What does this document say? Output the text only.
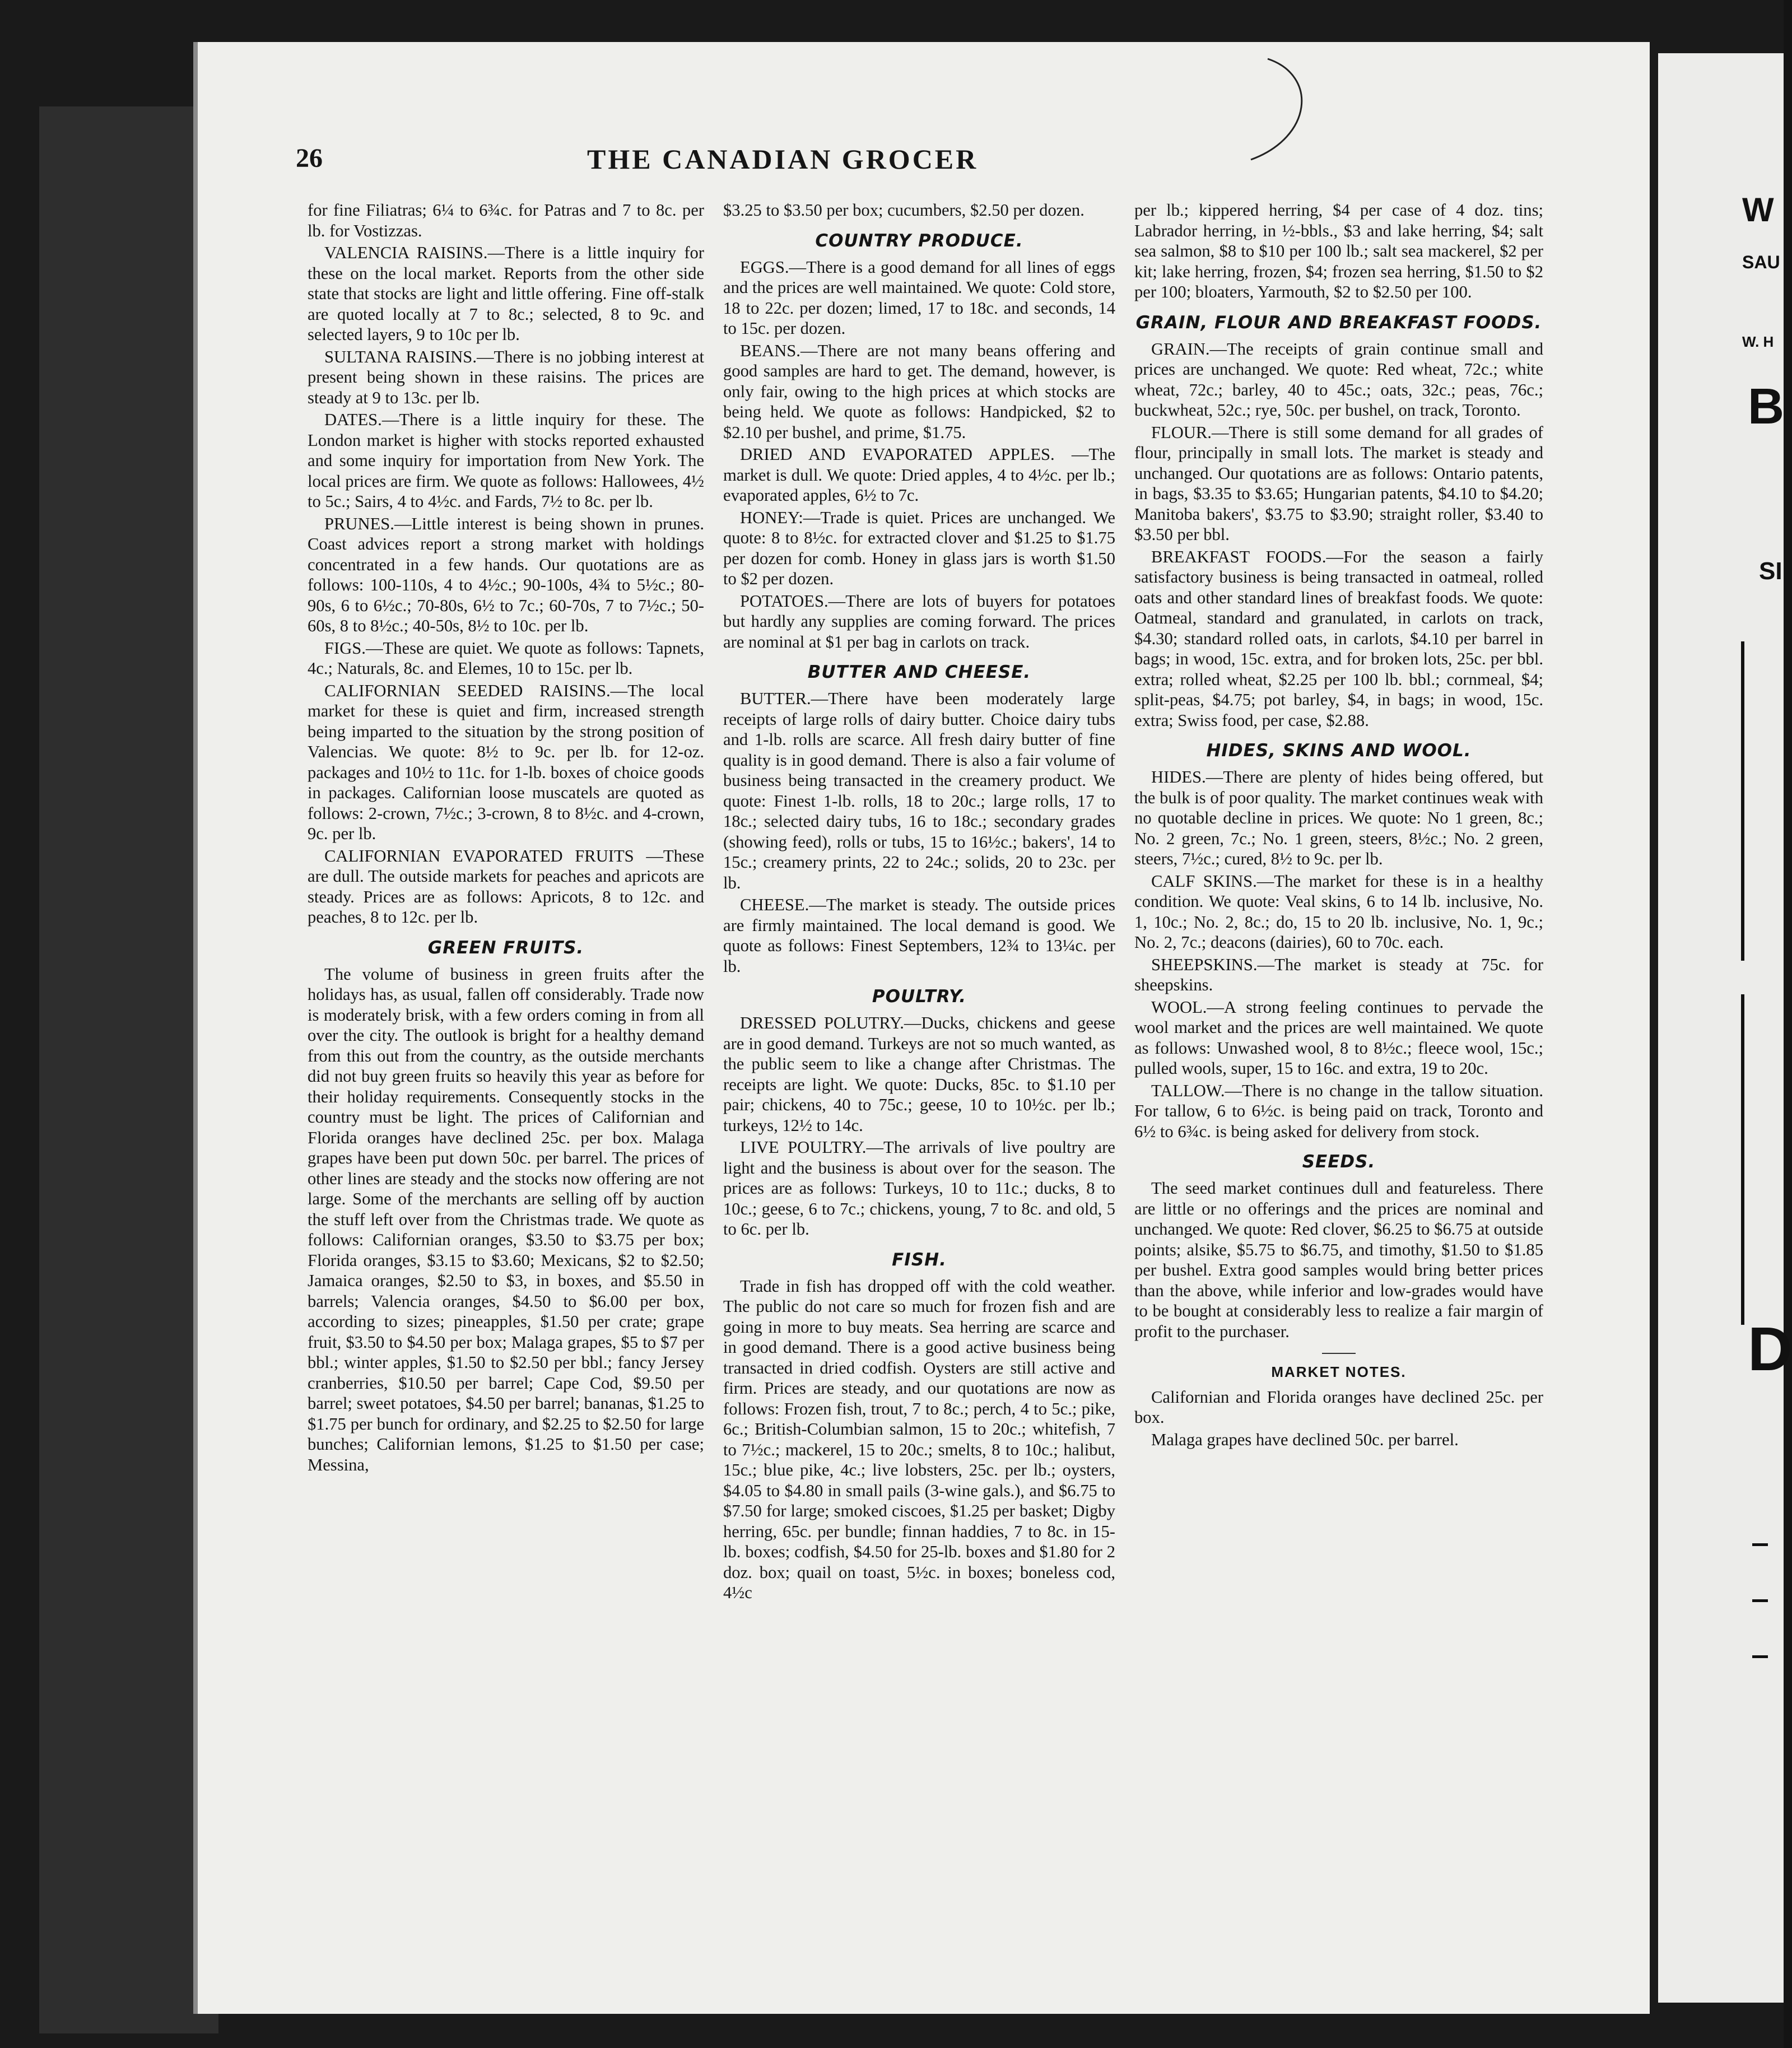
W
SAU
W. H
B
SI
D
26	THE CANADIAN GROCER

for fine Filiatras; 6¼ to 6¾c. for Patras and 7 to 8c. per lb. for Vostizzas.

VALENCIA RAISINS.—There is a little inquiry for these on the local market. Reports from the other side state that stocks are light and little offering. Fine off-stalk are quoted locally at 7 to 8c.; selected, 8 to 9c. and selected layers, 9 to 10c per lb.

SULTANA RAISINS.—There is no jobbing interest at present being shown in these raisins. The prices are steady at 9 to 13c. per lb.

DATES.—There is a little inquiry for these. The London market is higher with stocks reported exhausted and some inquiry for importation from New York. The local prices are firm. We quote as follows: Hallowees, 4½ to 5c.; Sairs, 4 to 4½c. and Fards, 7½ to 8c. per lb.

PRUNES.—Little interest is being shown in prunes. Coast advices report a strong market with holdings concentrated in a few hands. Our quotations are as follows: 100-110s, 4 to 4½c.; 90-100s, 4¾ to 5½c.; 80-90s, 6 to 6½c.; 70-80s, 6½ to 7c.; 60-70s, 7 to 7½c.; 50-60s, 8 to 8½c.; 40-50s, 8½ to 10c. per lb.

FIGS.—These are quiet. We quote as follows: Tapnets, 4c.; Naturals, 8c. and Elemes, 10 to 15c. per lb.

CALIFORNIAN SEEDED RAISINS.—The local market for these is quiet and firm, increased strength being imparted to the situation by the strong position of Valencias. We quote: 8½ to 9c. per lb. for 12-oz. packages and 10½ to 11c. for 1-lb. boxes of choice goods in packages. Californian loose muscatels are quoted as follows: 2-crown, 7½c.; 3-crown, 8 to 8½c. and 4-crown, 9c. per lb.

CALIFORNIAN EVAPORATED FRUITS —These are dull. The outside markets for peaches and apricots are steady. Prices are as follows: Apricots, 8 to 12c. and peaches, 8 to 12c. per lb.

GREEN FRUITS.

The volume of business in green fruits after the holidays has, as usual, fallen off considerably. Trade now is moderately brisk, with a few orders coming in from all over the city. The outlook is bright for a healthy demand from this out from the country, as the outside merchants did not buy green fruits so heavily this year as before for their holiday requirements. Consequently stocks in the country must be light. The prices of Californian and Florida oranges have declined 25c. per box. Malaga grapes have been put down 50c. per barrel. The prices of other lines are steady and the stocks now offering are not large. Some of the merchants are selling off by auction the stuff left over from the Christmas trade. We quote as follows: Californian oranges, $3.50 to $3.75 per box; Florida oranges, $3.15 to $3.60; Mexicans, $2 to $2.50; Jamaica oranges, $2.50 to $3, in boxes, and $5.50 in barrels; Valencia oranges, $4.50 to $6.00 per box, according to sizes; pineapples, $1.50 per crate; grape fruit, $3.50 to $4.50 per box; Malaga grapes, $5 to $7 per bbl.; winter apples, $1.50 to $2.50 per bbl.; fancy Jersey cranberries, $10.50 per barrel; Cape Cod, $9.50 per barrel; sweet potatoes, $4.50 per barrel; bananas, $1.25 to $1.75 per bunch for ordinary, and $2.25 to $2.50 for large bunches; Californian lemons, $1.25 to $1.50 per case; Messina,

$3.25 to $3.50 per box; cucumbers, $2.50 per dozen.

COUNTRY PRODUCE.

EGGS.—There is a good demand for all lines of eggs and the prices are well maintained. We quote: Cold store, 18 to 22c. per dozen; limed, 17 to 18c. and seconds, 14 to 15c. per dozen.

BEANS.—There are not many beans offering and good samples are hard to get. The demand, however, is only fair, owing to the high prices at which stocks are being held. We quote as follows: Handpicked, $2 to $2.10 per bushel, and prime, $1.75.

DRIED AND EVAPORATED APPLES. —The market is dull. We quote: Dried apples, 4 to 4½c. per lb.; evaporated apples, 6½ to 7c.

HONEY:—Trade is quiet. Prices are unchanged. We quote: 8 to 8½c. for extracted clover and $1.25 to $1.75 per dozen for comb. Honey in glass jars is worth $1.50 to $2 per dozen.

POTATOES.—There are lots of buyers for potatoes but hardly any supplies are coming forward. The prices are nominal at $1 per bag in carlots on track.

BUTTER AND CHEESE.

BUTTER.—There have been moderately large receipts of large rolls of dairy butter. Choice dairy tubs and 1-lb. rolls are scarce. All fresh dairy butter of fine quality is in good demand. There is also a fair volume of business being transacted in the creamery product. We quote: Finest 1-lb. rolls, 18 to 20c.; large rolls, 17 to 18c.; selected dairy tubs, 16 to 18c.; secondary grades (showing feed), rolls or tubs, 15 to 16½c.; bakers', 14 to 15c.; creamery prints, 22 to 24c.; solids, 20 to 23c. per lb.

CHEESE.—The market is steady. The outside prices are firmly maintained. The local demand is good. We quote as follows: Finest Septembers, 12¾ to 13¼c. per lb.

POULTRY.

DRESSED POLUTRY.—Ducks, chickens and geese are in good demand. Turkeys are not so much wanted, as the public seem to like a change after Christmas. The receipts are light. We quote: Ducks, 85c. to $1.10 per pair; chickens, 40 to 75c.; geese, 10 to 10½c. per lb.; turkeys, 12½ to 14c.

LIVE POULTRY.—The arrivals of live poultry are light and the business is about over for the season. The prices are as follows: Turkeys, 10 to 11c.; ducks, 8 to 10c.; geese, 6 to 7c.; chickens, young, 7 to 8c. and old, 5 to 6c. per lb.

FISH.

Trade in fish has dropped off with the cold weather. The public do not care so much for frozen fish and are going in more to buy meats. Sea herring are scarce and in good demand. There is a good active business being transacted in dried codfish. Oysters are still active and firm. Prices are steady, and our quotations are now as follows: Frozen fish, trout, 7 to 8c.; perch, 4 to 5c.; pike, 6c.; British-Columbian salmon, 15 to 20c.; whitefish, 7 to 7½c.; mackerel, 15 to 20c.; smelts, 8 to 10c.; halibut, 15c.; blue pike, 4c.; live lobsters, 25c. per lb.; oysters, $4.05 to $4.80 in small pails (3-wine gals.), and $6.75 to $7.50 for large; smoked ciscoes, $1.25 per basket; Digby herring, 65c. per bundle; finnan haddies, 7 to 8c. in 15-lb. boxes; codfish, $4.50 for 25-lb. boxes and $1.80 for 2 doz. box; quail on toast, 5½c. in boxes; boneless cod, 4½c

per lb.; kippered herring, $4 per case of 4 doz. tins; Labrador herring, in ½-bbls., $3 and lake herring, $4; salt sea salmon, $8 to $10 per 100 lb.; salt sea mackerel, $2 per kit; lake herring, frozen, $4; frozen sea herring, $1.50 to $2 per 100; bloaters, Yarmouth, $2 to $2.50 per 100.

GRAIN, FLOUR AND BREAKFAST FOODS.

GRAIN.—The receipts of grain continue small and prices are unchanged. We quote: Red wheat, 72c.; white wheat, 72c.; barley, 40 to 45c.; oats, 32c.; peas, 76c.; buckwheat, 52c.; rye, 50c. per bushel, on track, Toronto.

FLOUR.—There is still some demand for all grades of flour, principally in small lots. The market is steady and unchanged. Our quotations are as follows: Ontario patents, in bags, $3.35 to $3.65; Hungarian patents, $4.10 to $4.20; Manitoba bakers', $3.75 to $3.90; straight roller, $3.40 to $3.50 per bbl.

BREAKFAST FOODS.—For the season a fairly satisfactory business is being transacted in oatmeal, rolled oats and other standard lines of breakfast foods. We quote: Oatmeal, standard and granulated, in carlots on track, $4.30; standard rolled oats, in carlots, $4.10 per barrel in bags; in wood, 15c. extra, and for broken lots, 25c. per bbl. extra; rolled wheat, $2.25 per 100 lb. bbl.; cornmeal, $4; split-peas, $4.75; pot barley, $4, in bags; in wood, 15c. extra; Swiss food, per case, $2.88.

HIDES, SKINS AND WOOL.

HIDES.—There are plenty of hides being offered, but the bulk is of poor quality. The market continues weak with no quotable decline in prices. We quote: No 1 green, 8c.; No. 2 green, 7c.; No. 1 green, steers, 8½c.; No. 2 green, steers, 7½c.; cured, 8½ to 9c. per lb.

CALF SKINS.—The market for these is in a healthy condition. We quote: Veal skins, 6 to 14 lb. inclusive, No. 1, 10c.; No. 2, 8c.; do, 15 to 20 lb. inclusive, No. 1, 9c.; No. 2, 7c.; deacons (dairies), 60 to 70c. each.

SHEEPSKINS.—The market is steady at 75c. for sheepskins.

WOOL.—A strong feeling continues to pervade the wool market and the prices are well maintained. We quote as follows: Unwashed wool, 8 to 8½c.; fleece wool, 15c.; pulled wools, super, 15 to 16c. and extra, 19 to 20c.

TALLOW.—There is no change in the tallow situation. For tallow, 6 to 6½c. is being paid on track, Toronto and 6½ to 6¾c. is being asked for delivery from stock.

SEEDS.

The seed market continues dull and featureless. There are little or no offerings and the prices are nominal and unchanged. We quote: Red clover, $6.25 to $6.75 at outside points; alsike, $5.75 to $6.75, and timothy, $1.50 to $1.85 per bushel. Extra good samples would bring better prices than the above, while inferior and low-grades would have to be bought at considerably less to realize a fair margin of profit to the purchaser.

MARKET NOTES.

Californian and Florida oranges have declined 25c. per box.

Malaga grapes have declined 50c. per barrel.
